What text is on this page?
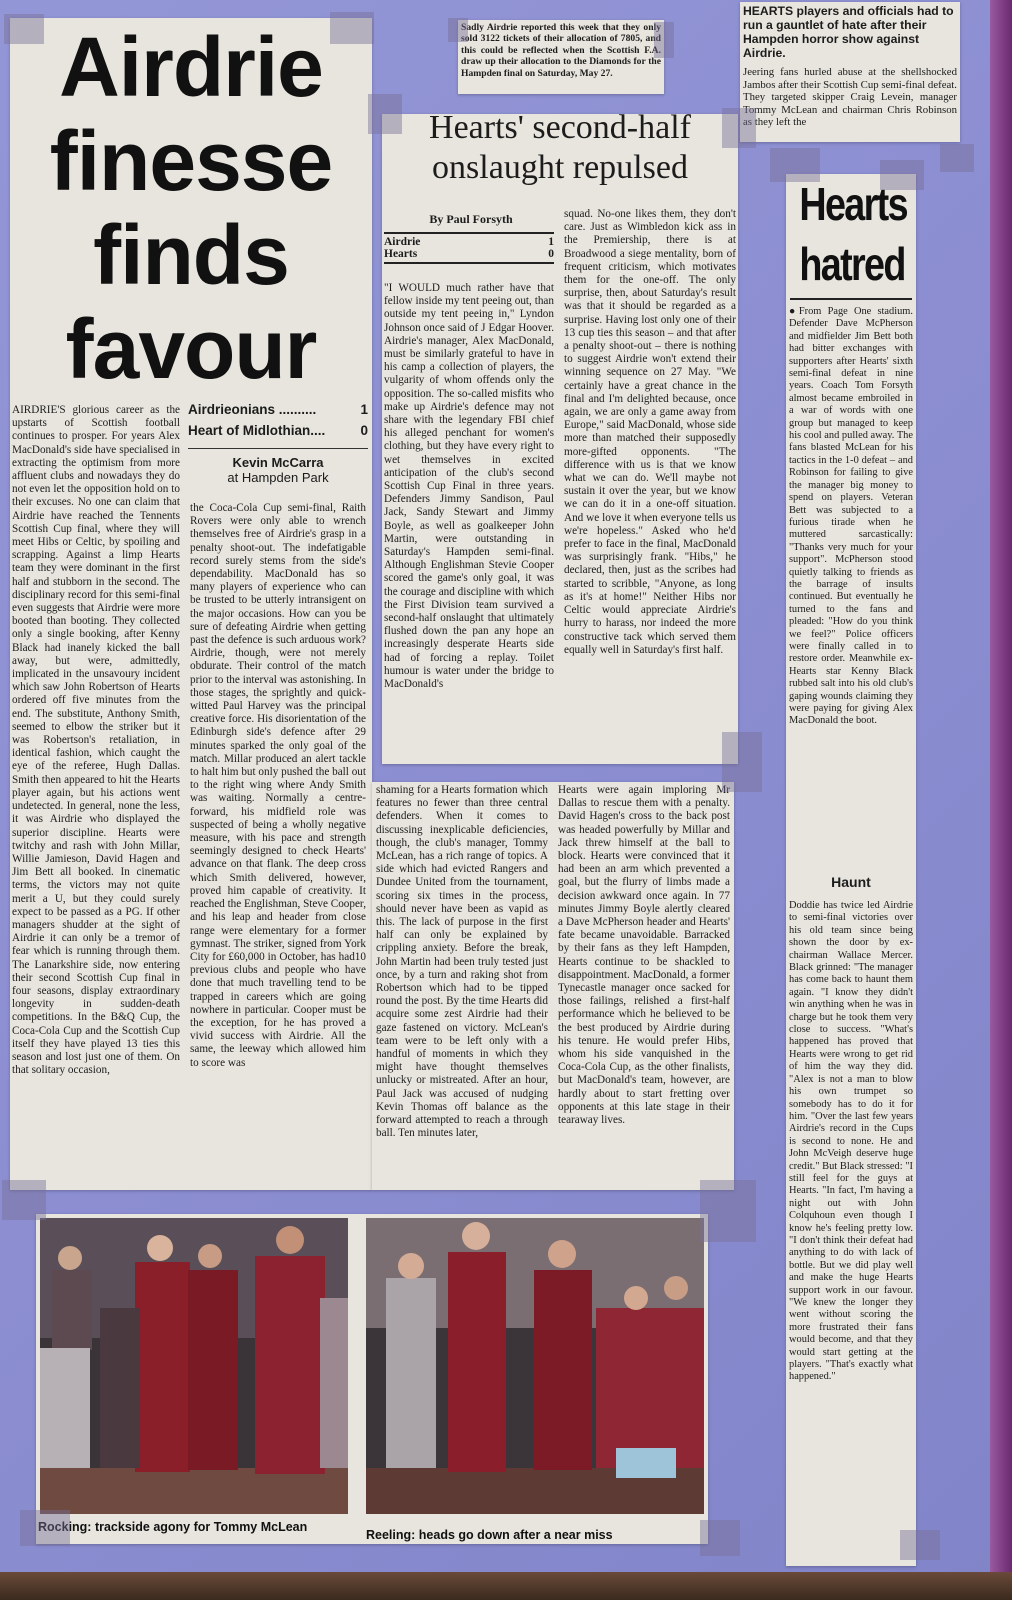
Airdrie
finesse
finds
favour
AIRDRIE'S glorious career as the upstarts of Scottish football continues to prosper. For years Alex MacDonald's side have specialised in extracting the optimism from more affluent clubs and nowadays they do not even let the opposition hold on to their excuses. No one can claim that Airdrie have reached the Tennents Scottish Cup final, where they will meet Hibs or Celtic, by spoiling and scrapping. Against a limp Hearts team they were dominant in the first half and stubborn in the second. The disciplinary record for this semi-final even suggests that Airdrie were more booted than booting. They collected only a single booking, after Kenny Black had inanely kicked the ball away, but were, admittedly, implicated in the unsavoury incident which saw John Robertson of Hearts ordered off five minutes from the end. The substitute, Anthony Smith, seemed to elbow the striker but it was Robertson's retaliation, in identical fashion, which caught the eye of the referee, Hugh Dallas. Smith then appeared to hit the Hearts player again, but his actions went undetected. In general, none the less, it was Airdrie who displayed the superior discipline. Hearts were twitchy and rash with John Millar, Willie Jamieson, David Hagen and Jim Bett all booked. In cinematic terms, the victors may not quite merit a U, but they could surely expect to be passed as a PG. If other managers shudder at the sight of Airdrie it can only be a tremor of fear which is running through them. The Lanarkshire side, now entering their second Scottish Cup final in four seasons, display extraordinary longevity in sudden-death competitions. In the B&Q Cup, the Coca-Cola Cup and the Scottish Cup itself they have played 13 ties this season and lost just one of them. On that solitary occasion,
Airdrieonians ..........	1
Heart of Midlothian....	0
Kevin McCarra
at Hampden Park
the Coca-Cola Cup semi-final, Raith Rovers were only able to wrench themselves free of Airdrie's grasp in a penalty shoot-out. The indefatigable record surely stems from the side's dependability. MacDonald has so many players of experience who can be trusted to be utterly intransigent on the major occasions. How can you be sure of defeating Airdrie when getting past the defence is such arduous work? Airdrie, though, were not merely obdurate. Their control of the match prior to the interval was astonishing. In those stages, the sprightly and quick-witted Paul Harvey was the principal creative force. His disorientation of the Edinburgh side's defence after 29 minutes sparked the only goal of the match. Millar produced an alert tackle to halt him but only pushed the ball out to the right wing where Andy Smith was waiting. Normally a centre-forward, his midfield role was suspected of being a wholly negative measure, with his pace and strength seemingly designed to check Hearts' advance on that flank. The deep cross which Smith delivered, however, proved him capable of creativity. It reached the Englishman, Steve Cooper, and his leap and header from close range were elementary for a former gymnast. The striker, signed from York City for £60,000 in October, has had10 previous clubs and people who have done that much travelling tend to be trapped in careers which are going nowhere in particular. Cooper must be the exception, for he has proved a vivid success with Airdrie. All the same, the leeway which allowed him to score was
shaming for a Hearts formation which features no fewer than three central defenders. When it comes to discussing inexplicable deficiencies, though, the club's manager, Tommy McLean, has a rich range of topics. A side which had evicted Rangers and Dundee United from the tournament, scoring six times in the process, should never have been as vapid as this. The lack of purpose in the first half can only be explained by crippling anxiety. Before the break, John Martin had been truly tested just once, by a turn and raking shot from Robertson which had to be tipped round the post. By the time Hearts did acquire some zest Airdrie had their gaze fastened on victory. McLean's team were to be left only with a handful of moments in which they might have thought themselves unlucky or mistreated. After an hour, Paul Jack was accused of nudging Kevin Thomas off balance as the forward attempted to reach a through ball. Ten minutes later,
Hearts were again imploring Mr Dallas to rescue them with a penalty. David Hagen's cross to the back post was headed powerfully by Millar and Jack threw himself at the ball to block. Hearts were convinced that it had been an arm which prevented a goal, but the flurry of limbs made a decision awkward once again. In 77 minutes Jimmy Boyle alertly cleared a Dave McPherson header and Hearts' fate became unavoidable. Barracked by their fans as they left Hampden, Hearts continue to be shackled to disappointment. MacDonald, a former Tynecastle manager once sacked for those failings, relished a first-half performance which he believed to be the best produced by Airdrie during his tenure. He would prefer Hibs, whom his side vanquished in the Coca-Cola Cup, as the other finalists, but MacDonald's team, however, are hardly about to start fretting over opponents at this late stage in their tearaway lives.
Sadly Airdrie reported this week that they only sold 3122 tickets of their allocation of 7805, and this could be reflected when the Scottish F.A. draw up their allocation to the Diamonds for the Hampden final on Saturday, May 27.
HEARTS players and officials had to run a gauntlet of hate after their Hampden horror show against Airdrie.
Jeering fans hurled abuse at the shellshocked Jambos after their Scottish Cup semi-final defeat. They targeted skipper Craig Levein, manager Tommy McLean and chairman Chris Robinson as they left the
Hearts' second-half onslaught repulsed
By Paul Forsyth
Airdrie	1
Hearts	0
"I WOULD much rather have that fellow inside my tent peeing out, than outside my tent peeing in," Lyndon Johnson once said of J Edgar Hoover. Airdrie's manager, Alex MacDonald, must be similarly grateful to have in his camp a collection of players, the vulgarity of whom offends only the opposition. The so-called misfits who make up Airdrie's defence may not share with the legendary FBI chief his alleged penchant for women's clothing, but they have every right to wet themselves in excited anticipation of the club's second Scottish Cup Final in three years. Defenders Jimmy Sandison, Paul Jack, Sandy Stewart and Jimmy Boyle, as well as goalkeeper John Martin, were outstanding in Saturday's Hampden semi-final. Although Englishman Stevie Cooper scored the game's only goal, it was the courage and discipline with which the First Division team survived a second-half onslaught that ultimately flushed down the pan any hope an increasingly desperate Hearts side had of forcing a replay. Toilet humour is water under the bridge to MacDonald's
squad. No-one likes them, they don't care. Just as Wimbledon kick ass in the Premiership, there is at Broadwood a siege mentality, born of frequent criticism, which motivates them for the one-off. The only surprise, then, about Saturday's result was that it should be regarded as a surprise. Having lost only one of their 13 cup ties this season – and that after a penalty shoot-out – there is nothing to suggest Airdrie won't extend their winning sequence on 27 May. "We certainly have a great chance in the final and I'm delighted because, once again, we are only a game away from Europe," said MacDonald, whose side more than matched their supposedly more-gifted opponents. "The difference with us is that we know what we can do. We'll maybe not sustain it over the year, but we know we can do it in a one-off situation. And we love it when everyone tells us we're hopeless." Asked who he'd prefer to face in the final, MacDonald was surprisingly frank. "Hibs," he declared, then, just as the scribes had started to scribble, "Anyone, as long as it's at home!" Neither Hibs nor Celtic would appreciate Airdrie's hurry to harass, nor indeed the more constructive tack which served them equally well in Saturday's first half.
Hearts
hatred
●From Page One stadium. Defender Dave McPherson and midfielder Jim Bett both had bitter exchanges with supporters after Hearts' sixth semi-final defeat in nine years. Coach Tom Forsyth almost became embroiled in a war of words with one group but managed to keep his cool and pulled away. The fans blasted McLean for his tactics in the 1-0 defeat – and Robinson for failing to give the manager big money to spend on players. Veteran Bett was subjected to a furious tirade when he muttered sarcastically: "Thanks very much for your support". McPherson stood quietly talking to friends as the barrage of insults continued. But eventually he turned to the fans and pleaded: "How do you think we feel?" Police officers were finally called in to restore order. Meanwhile ex-Hearts star Kenny Black rubbed salt into his old club's gaping wounds claiming they were paying for giving Alex MacDonald the boot.
Haunt
Doddie has twice led Airdrie to semi-final victories over his old team since being shown the door by ex-chairman Wallace Mercer. Black grinned: "The manager has come back to haunt them again. "I know they didn't win anything when he was in charge but he took them very close to success. "What's happened has proved that Hearts were wrong to get rid of him the way they did. "Alex is not a man to blow his own trumpet so somebody has to do it for him. "Over the last few years Airdrie's record in the Cups is second to none. He and John McVeigh deserve huge credit." But Black stressed: "I still feel for the guys at Hearts. "In fact, I'm having a night out with John Colquhoun even though I know he's feeling pretty low. "I don't think their defeat had anything to do with lack of bottle. But we did play well and make the huge Hearts support work in our favour. "We knew the longer they went without scoring the more frustrated their fans would become, and that they would start getting at the players. "That's exactly what happened."
Rocking: trackside agony for Tommy McLean
Reeling: heads go down after a near miss
